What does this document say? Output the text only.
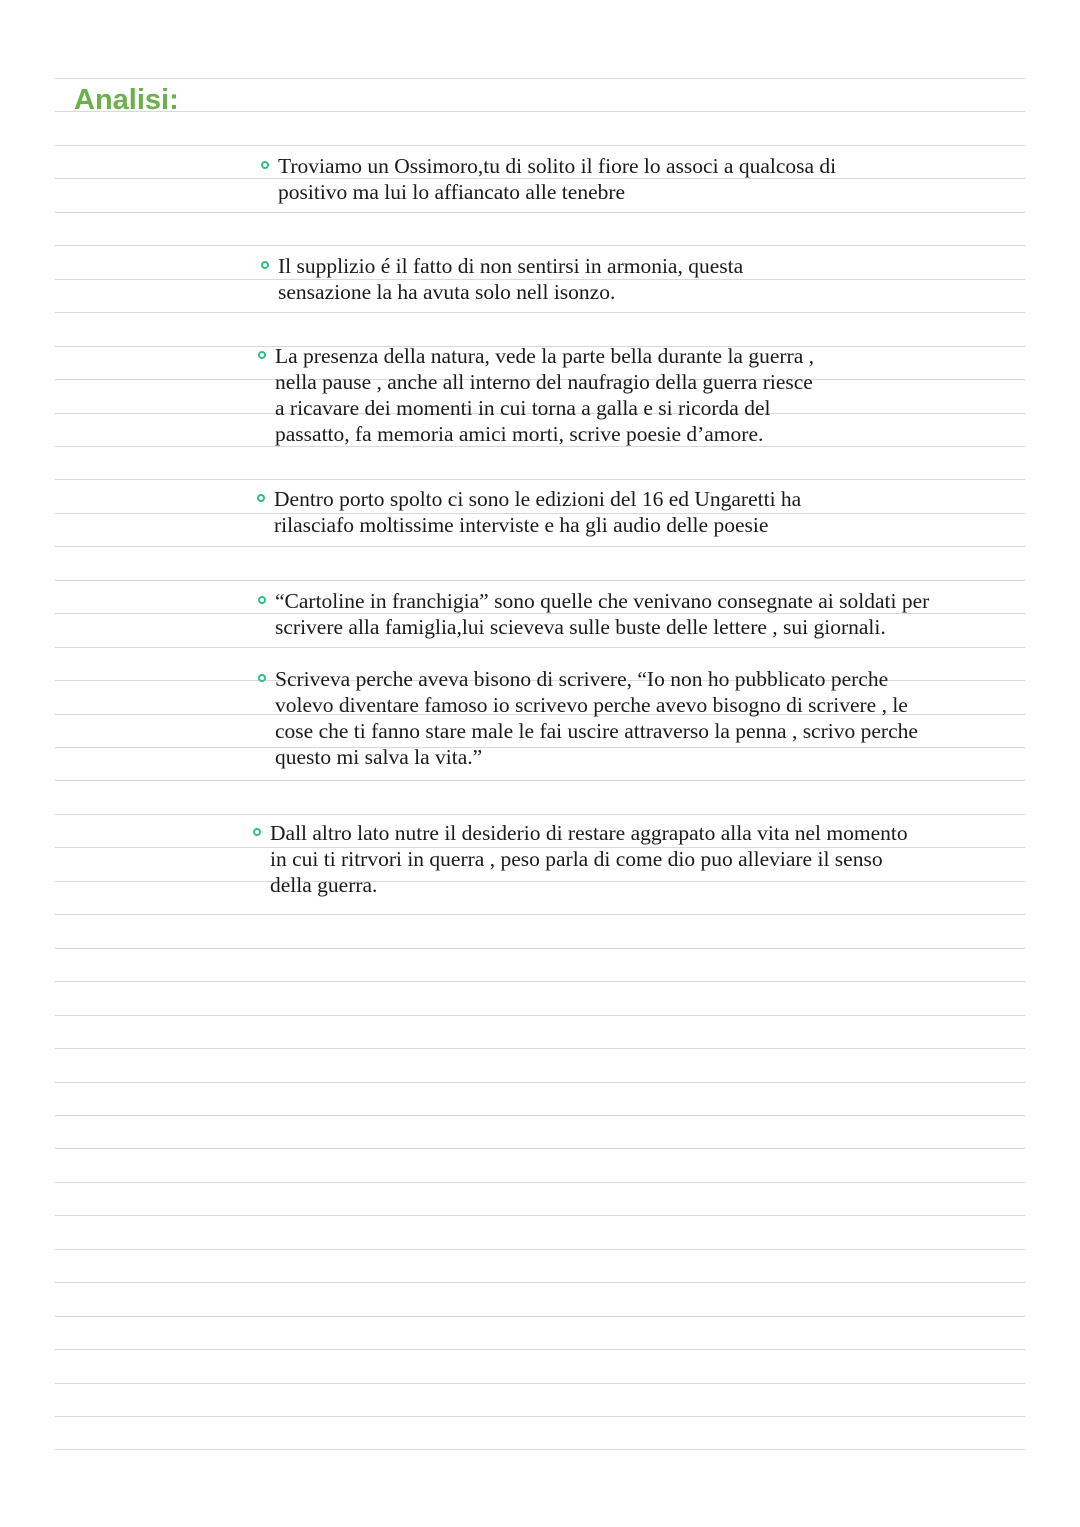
Analisi:
Troviamo un Ossimoro,tu di solito il fiore lo associ a qualcosa di
positivo ma lui lo affiancato alle tenebre
Il supplizio é il fatto di non sentirsi in armonia, questa
sensazione la ha avuta solo nell isonzo.
La presenza della natura, vede la parte bella durante la guerra ,
nella pause , anche all interno del naufragio della guerra riesce
a ricavare dei momenti in cui torna a galla e si ricorda del
passatto, fa memoria amici morti, scrive poesie d’amore.
Dentro porto spolto ci sono le edizioni del 16 ed Ungaretti ha
rilasciafo moltissime interviste e ha gli audio delle poesie
“Cartoline in franchigia” sono quelle che venivano consegnate ai soldati per
scrivere alla famiglia,lui scieveva sulle buste delle lettere , sui giornali.
Scriveva perche aveva bisono di scrivere, “Io non ho pubblicato perche
volevo diventare famoso io scrivevo perche avevo bisogno di scrivere , le
cose che ti fanno stare male le fai uscire attraverso la penna , scrivo perche
questo mi salva la vita.”
Dall altro lato nutre il desiderio di restare aggrapato alla vita nel momento
in cui ti ritrvori in querra , peso parla di come dio puo alleviare il senso
della guerra.
